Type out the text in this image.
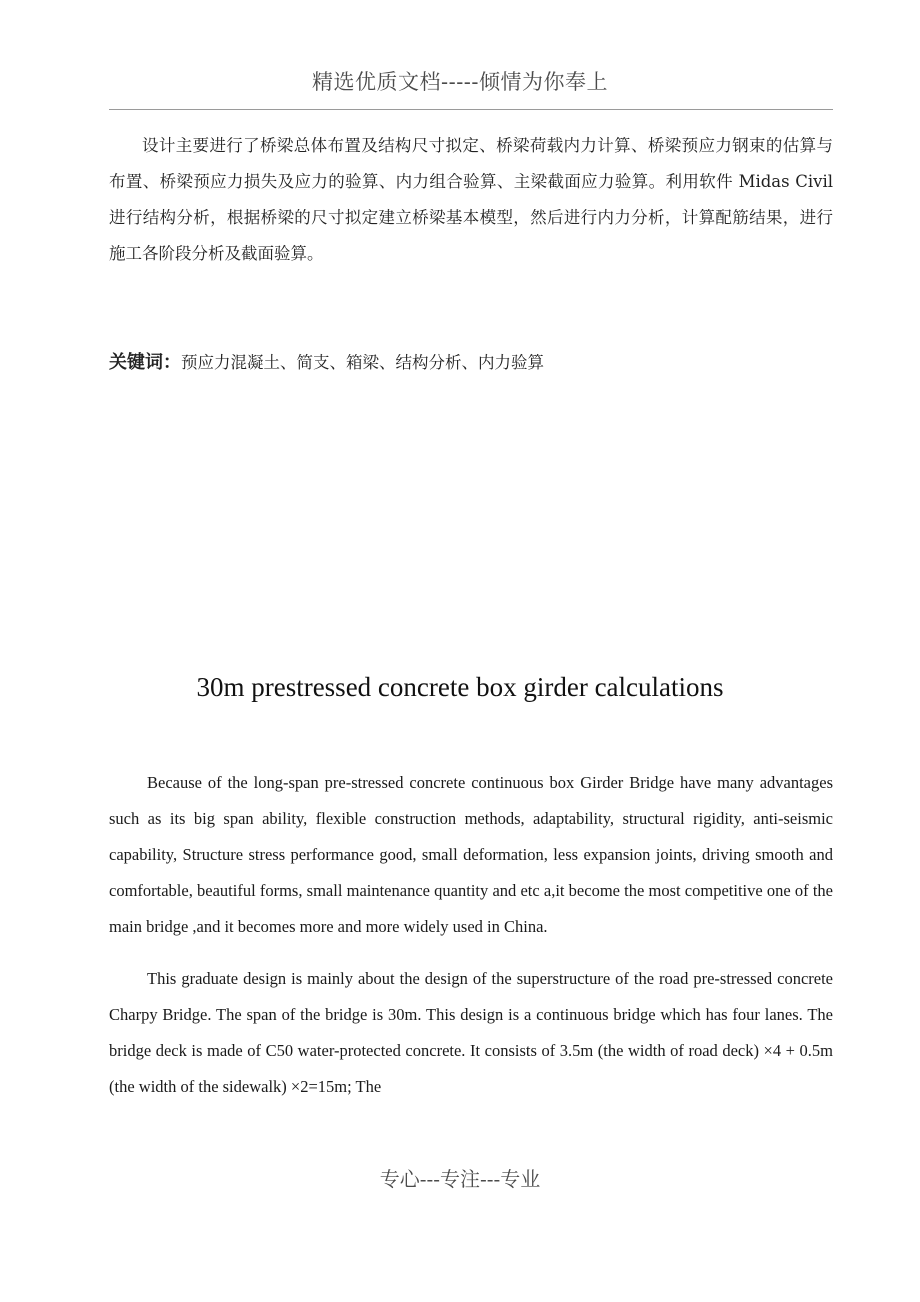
精选优质文档-----倾情为你奉上

设计主要进行了桥梁总体布置及结构尺寸拟定、桥梁荷载内力计算、桥梁预应力钢束的估算与布置、桥梁预应力损失及应力的验算、内力组合验算、主梁截面应力验算。利用软件 Midas Civil 进行结构分析，根据桥梁的尺寸拟定建立桥梁基本模型，然后进行内力分析，计算配筋结果，进行施工各阶段分析及截面验算。

关键词：预应力混凝土、简支、箱梁、结构分析、内力验算
30m prestressed concrete box girder calculations

Because of the long-span pre-stressed concrete continuous box Girder Bridge have many advantages such as its big span ability, flexible construction methods, adaptability, structural rigidity, anti-seismic capability, Structure stress performance good, small deformation, less expansion joints, driving smooth and comfortable, beautiful forms, small maintenance quantity and etc a,it become the most competitive one of the main bridge ,and it becomes more and more widely used in China.

This graduate design is mainly about the design of the superstructure of the road pre-stressed concrete Charpy Bridge. The span of the bridge is 30m. This design is a continuous bridge which has four lanes. The bridge deck is made of C50 water-protected concrete. It consists of 3.5m (the width of road deck) ×4 + 0.5m (the width of the sidewalk) ×2=15m; The

专心---专注---专业
